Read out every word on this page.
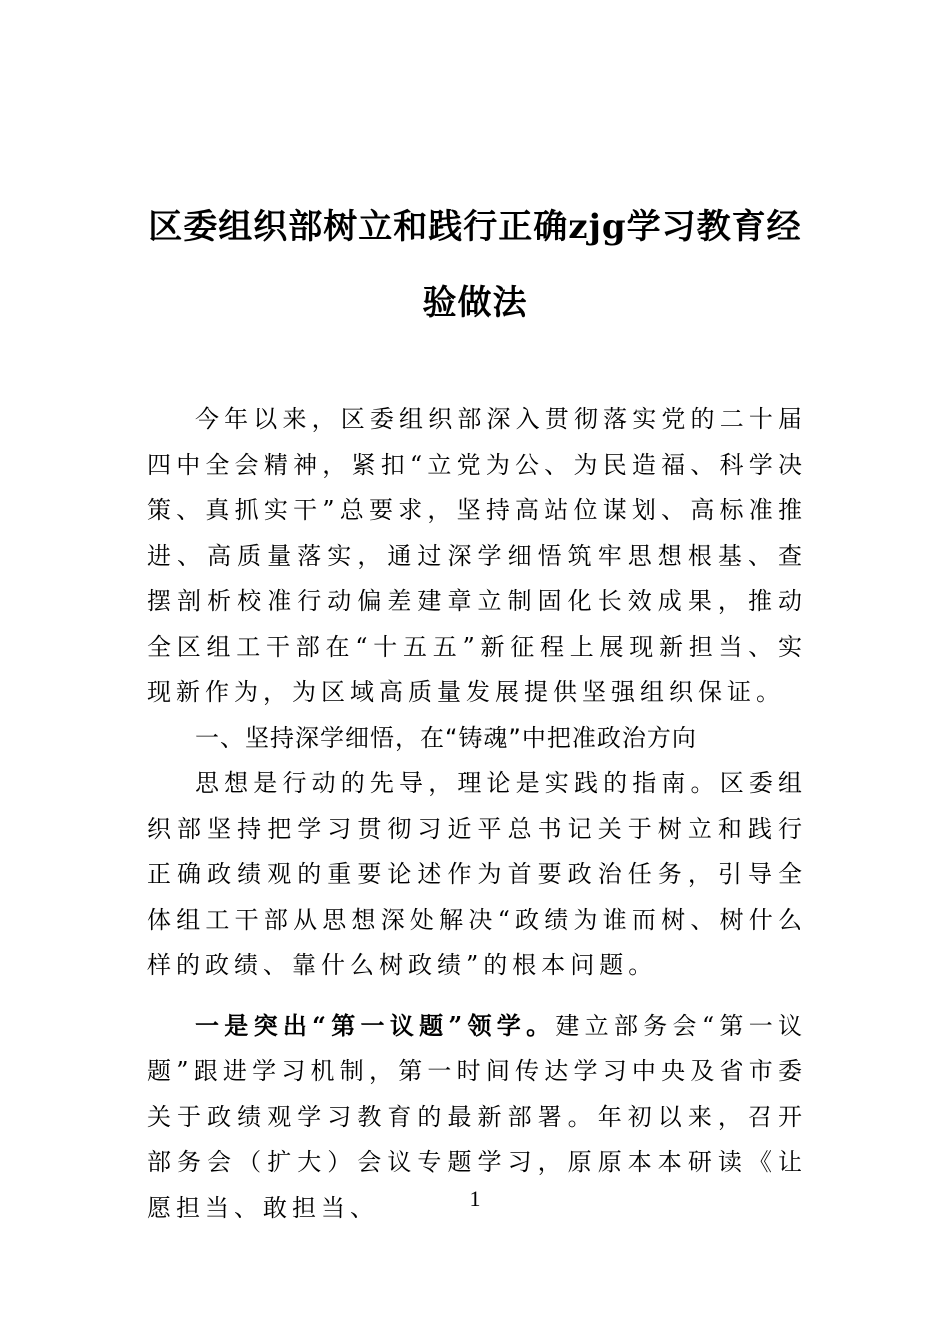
区委组织部树立和践行正确zjg学习教育经
验做法

今年以来，区委组织部深入贯彻落实党的二十届四中全会精神，紧扣“立党为公、为民造福、科学决策、真抓实干”总要求，坚持高站位谋划、高标准推进、高质量落实，通过深学细悟筑牢思想根基、查摆剖析校准行动偏差建章立制固化长效成果，推动全区组工干部在“十五五”新征程上展现新担当、实现新作为，为区域高质量发展提供坚强组织保证。

一、坚持深学细悟，在“铸魂”中把准政治方向

思想是行动的先导，理论是实践的指南。区委组织部坚持把学习贯彻习近平总书记关于树立和践行正确政绩观的重要论述作为首要政治任务，引导全体组工干部从思想深处解决“政绩为谁而树、树什么样的政绩、靠什么树政绩”的根本问题。

一是突出“第一议题”领学。建立部务会“第一议题”跟进学习机制，第一时间传达学习中央及省市委关于政绩观学习教育的最新部署。年初以来，召开部务会（扩大）会议专题学习，原原本本研读《让愿担当、敢担当、	1
